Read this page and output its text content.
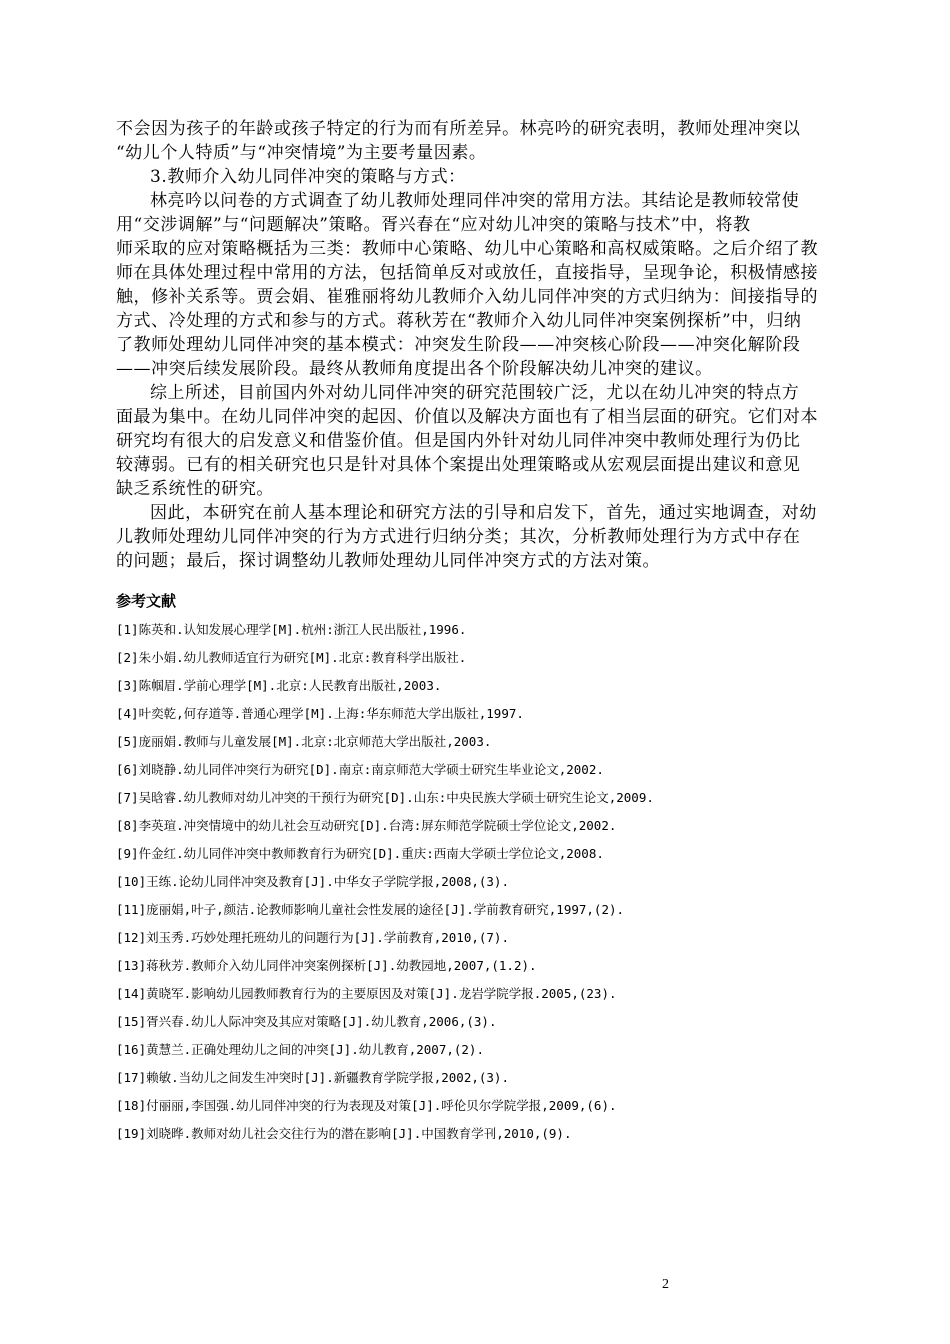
不会因为孩子的年龄或孩子特定的行为而有所差异。林亮吟的研究表明，教师处理冲突以
“幼儿个人特质”与“冲突情境”为主要考量因素。
3.教师介入幼儿同伴冲突的策略与方式：
林亮吟以问卷的方式调查了幼儿教师处理同伴冲突的常用方法。其结论是教师较常使
用“交涉调解”与“问题解决”策略。胥兴春在“应对幼儿冲突的策略与技术”中，将教
师采取的应对策略概括为三类：教师中心策略、幼儿中心策略和高权威策略。之后介绍了教
师在具体处理过程中常用的方法，包括简单反对或放任，直接指导，呈现争论，积极情感接
触，修补关系等。贾会娟、崔雅丽将幼儿教师介入幼儿同伴冲突的方式归纳为：间接指导的
方式、冷处理的方式和参与的方式。蒋秋芳在“教师介入幼儿同伴冲突案例探析”中，归纳
了教师处理幼儿同伴冲突的基本模式：冲突发生阶段——冲突核心阶段——冲突化解阶段
——冲突后续发展阶段。最终从教师角度提出各个阶段解决幼儿冲突的建议。
综上所述，目前国内外对幼儿同伴冲突的研究范围较广泛，尤以在幼儿冲突的特点方
面最为集中。在幼儿同伴冲突的起因、价值以及解决方面也有了相当层面的研究。它们对本
研究均有很大的启发意义和借鉴价值。但是国内外针对幼儿同伴冲突中教师处理行为仍比
较薄弱。已有的相关研究也只是针对具体个案提出处理策略或从宏观层面提出建议和意见
缺乏系统性的研究。
因此，本研究在前人基本理论和研究方法的引导和启发下，首先，通过实地调查，对幼
儿教师处理幼儿同伴冲突的行为方式进行归纳分类；其次，分析教师处理行为方式中存在
的问题；最后，探讨调整幼儿教师处理幼儿同伴冲突方式的方法对策。
参考文献
[1]陈英和.认知发展心理学[M].杭州:浙江人民出版社,1996.
[2]朱小娟.幼儿教师适宜行为研究[M].北京:教育科学出版社.
[3]陈帼眉.学前心理学[M].北京:人民教育出版社,2003.
[4]叶奕乾,何存道等.普通心理学[M].上海:华东师范大学出版社,1997.
[5]庞丽娟.教师与儿童发展[M].北京:北京师范大学出版社,2003.
[6]刘晓静.幼儿同伴冲突行为研究[D].南京:南京师范大学硕士研究生毕业论文,2002.
[7]吴晗睿.幼儿教师对幼儿冲突的干预行为研究[D].山东:中央民族大学硕士研究生论文,2009.
[8]李英瑄.冲突情境中的幼儿社会互动研究[D].台湾:屏东师范学院硕士学位论文,2002.
[9]仵金红.幼儿同伴冲突中教师教育行为研究[D].重庆:西南大学硕士学位论文,2008.
[10]王练.论幼儿同伴冲突及教育[J].中华女子学院学报,2008,(3).
[11]庞丽娟,叶子,颜洁.论教师影响儿童社会性发展的途径[J].学前教育研究,1997,(2).
[12]刘玉秀.巧妙处理托班幼儿的问题行为[J].学前教育,2010,(7).
[13]蒋秋芳.教师介入幼儿同伴冲突案例探析[J].幼教园地,2007,(1.2).
[14]黄晓军.影响幼儿园教师教育行为的主要原因及对策[J].龙岩学院学报.2005,(23).
[15]胥兴春.幼儿人际冲突及其应对策略[J].幼儿教育,2006,(3).
[16]黄慧兰.正确处理幼儿之间的冲突[J].幼儿教育,2007,(2).
[17]赖敏.当幼儿之间发生冲突时[J].新疆教育学院学报,2002,(3).
[18]付丽丽,李国强.幼儿同伴冲突的行为表现及对策[J].呼伦贝尔学院学报,2009,(6).
[19]刘晓晔.教师对幼儿社会交往行为的潜在影响[J].中国教育学刊,2010,(9).
2
